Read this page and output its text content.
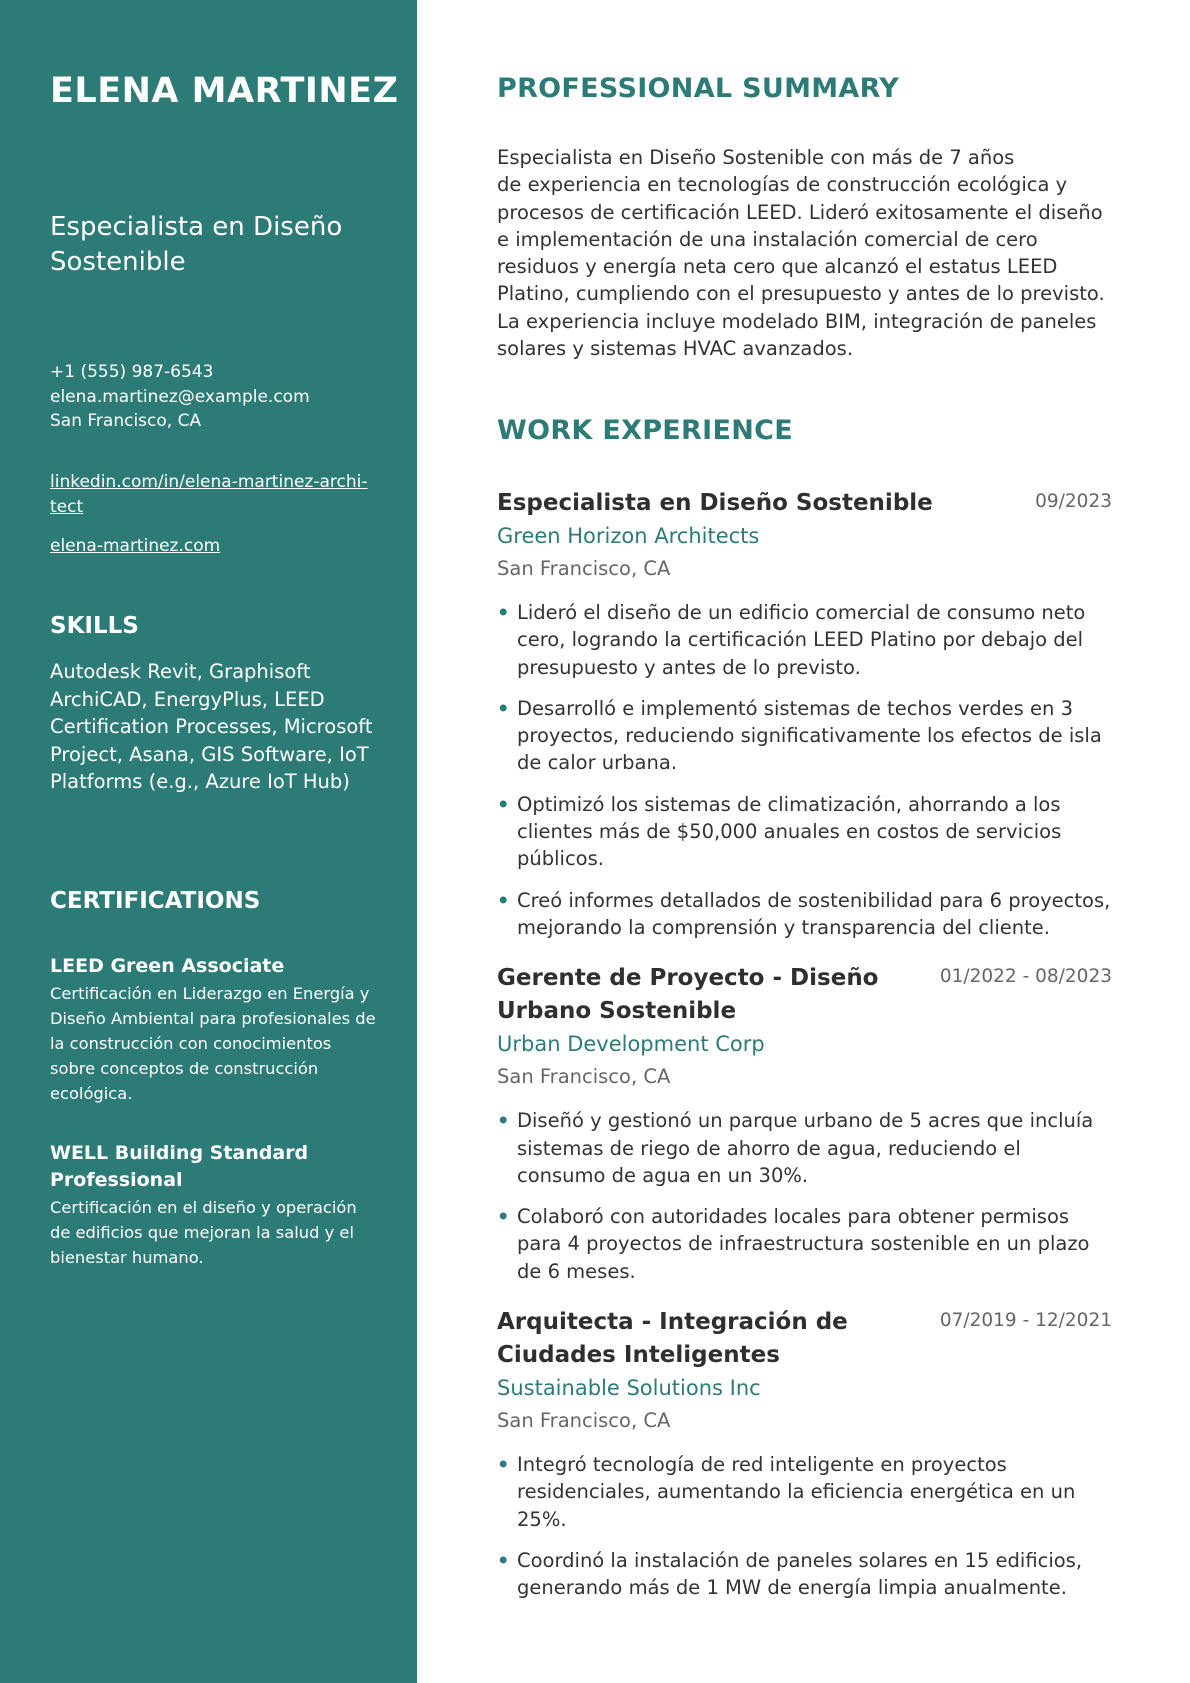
ELENA MARTINEZ
Especialista en Diseño Sostenible
+1 (555) 987-6543
elena.martinez@example.com
San Francisco, CA
linkedin.com/in/elena-martinez-archi-tect
elena-martinez.com
SKILLS
Autodesk Revit, Graphisoft ArchiCAD, EnergyPlus, LEED Certification Processes, Microsoft Project, Asana, GIS Software, IoT Platforms (e.g., Azure IoT Hub)
CERTIFICATIONS
LEED Green Associate
Certificación en Liderazgo en Energía y Diseño Ambiental para profesionales de la construcción con conocimientos sobre conceptos de construcción ecológica.
WELL Building Standard Professional
Certificación en el diseño y operación de edificios que mejoran la salud y el bienestar humano.
PROFESSIONAL SUMMARY
Especialista en Diseño Sostenible con más de 7 años
de experiencia en tecnologías de construcción ecológica y procesos de certificación LEED. Lideró exitosamente el diseño e implementación de una instalación comercial de cero residuos y energía neta cero que alcanzó el estatus LEED Platino, cumpliendo con el presupuesto y antes de lo previsto. La experiencia incluye modelado BIM, integración de paneles solares y sistemas HVAC avanzados.
WORK EXPERIENCE
Especialista en Diseño Sostenible	09/2023
Green Horizon Architects
San Francisco, CA
• Lideró el diseño de un edificio comercial de consumo neto cero, logrando la certificación LEED Platino por debajo del presupuesto y antes de lo previsto.
• Desarrolló e implementó sistemas de techos verdes en 3 proyectos, reduciendo significativamente los efectos de isla de calor urbana.
• Optimizó los sistemas de climatización, ahorrando a los clientes más de $50,000 anuales en costos de servicios públicos.
• Creó informes detallados de sostenibilidad para 6 proyectos, mejorando la comprensión y transparencia del cliente.
Gerente de Proyecto - Diseño Urbano Sostenible
01/2022 - 08/2023
Urban Development Corp
San Francisco, CA
• Diseñó y gestionó un parque urbano de 5 acres que incluía sistemas de riego de ahorro de agua, reduciendo el consumo de agua en un 30%.
• Colaboró con autoridades locales para obtener permisos para 4 proyectos de infraestructura sostenible en un plazo de 6 meses.
Arquitecta - Integración de Ciudades Inteligentes
07/2019 - 12/2021
Sustainable Solutions Inc
San Francisco, CA
• Integró tecnología de red inteligente en proyectos residenciales, aumentando la eficiencia energética en un 25%.
• Coordinó la instalación de paneles solares en 15 edificios, generando más de 1 MW de energía limpia anualmente.
